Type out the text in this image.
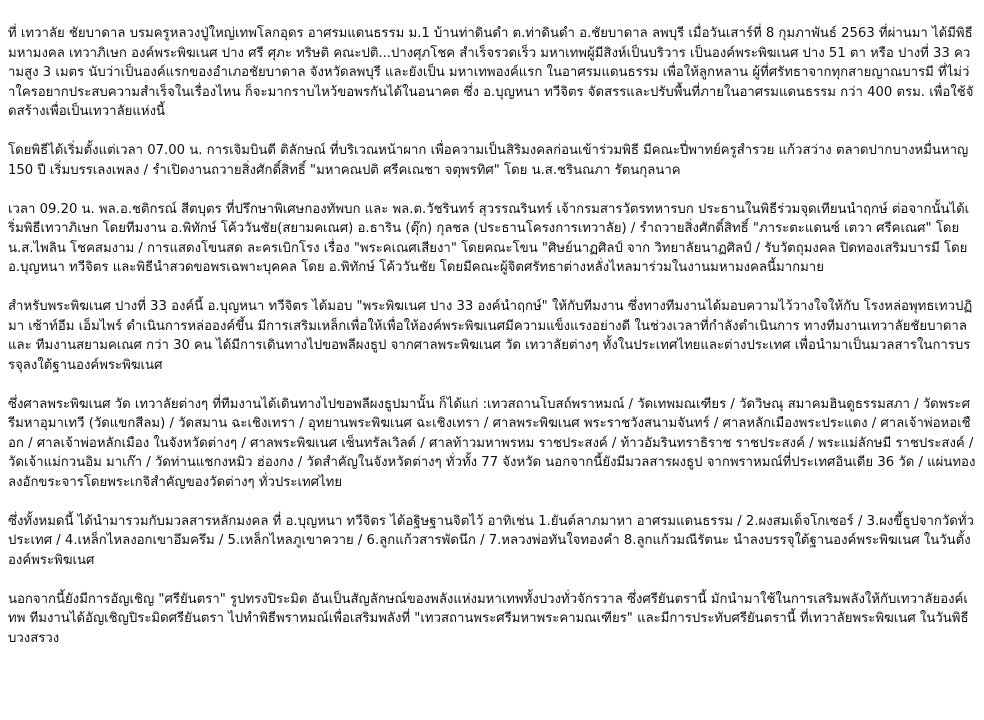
ที่ เทวาลัย ชัยบาดาล บรมครูหลวงปู่ใหญ่เทพโลกอุดร อาศรมแดนธรรม ม.1 บ้านท่าดินดำ ต.ท่าดินดำ อ.ชัยบาดาล ลพบุรี เมื่อวันเสาร์ที่ 8 กุมภาพันธ์ 2563 ที่ผ่านมา ได้มีพิธีมหามงคล เทวาภิเษก องค์พระพิฆเนศ ปาง ศรี ศุภะ ทริษติ คณะปติ...ปางศุภโชค สำเร็จรวดเร็ว มหาเทพผู้มีสิงห์เป็นบริวาร เป็นองค์พระพิฆเนศ ปาง 51 ตา หรือ ปางที่ 33 ความสูง 3 เมตร นับว่าเป็นองค์แรกของอำเภอชัยบาดาล จังหวัดลพบุรี และยังเป็น มหาเทพองค์แรก ในอาศรมแดนธรรม เพื่อให้ลูกหลาน ผู้ที่ศรัทธาจากทุกสายญาณบารมี ที่ไม่ว่าใครอยากประสบความสำเร็จในเรื่องไหน ก็จะมากราบไหว้ขอพรกันได้ในอนาคต ซึ่ง อ.บุญหนา ทวีจิตร จัดสรรและปรับพื้นที่ภายในอาศรมแดนธรรม กว่า 400 ตรม. เพื่อใช้จัดสร้างเพื่อเป็นเทวาลัยแห่งนี้

โดยพิธีได้เริ่มตั้งแต่เวลา 07.00 น. การเจิมบินดี ติลักษณ์ ที่บริเวณหน้าผาก เพื่อความเป็นสิริมงคลก่อนเข้าร่วมพิธี มีคณะปี่พาทย์ครูสำรวย แก้วสว่าง ตลาดปากบางหมื่นหาญ 150 ปี เริ่มบรรเลงเพลง / รำเปิดงานถวายสิ่งศักดิ์สิทธิ์ "มหาคณปติ ศรีคเณชา จตุพรทิศ" โดย น.ส.ชรินณภา รัตนกุลนาค

เวลา 09.20 น. พล.อ.ชติกรณ์ สีตบุตร ที่ปรึกษาพิเศษกองทัพบก และ พล.ต.วัชรินทร์ สุวรรณรินทร์ เจ้ากรมสารวัตรทหารบก ประธานในพิธีร่วมจุดเทียนนำฤกษ์ ต่อจากนั้นได้เริ่มพิธีเทวาภิเษก โดยทีมงาน อ.พิทักษ์ โค้ววันชัย(สยามคเณศ) อ.ธาริน (ตุ๊ก) กุลชล (ประธานโครงการเทวาลัย) / รำถวายสิ่งศักดิ์สิทธิ์ "ภาระตะแดนซ์ เตวา ศรีคเณศ" โดย น.ส.ไพลิน โชคสมงาม / การแสดงโขนสด ละครเบิกโรง เรื่อง "พระคเณศเสียงา" โดยคณะโขน "ศิษย์นาฏศิลป์ จาก วิทยาลัยนาฏศิลป์ / รับวัตถุมงคล ปิดทองเสริมบารมี โดย อ.บุญหนา ทวีจิตร และพิธีนำสวดขอพรเฉพาะบุคคล โดย อ.พิทักษ์ โค้ววันชัย โดยมีคณะผู้จิตศรัทธาต่างหลั่งไหลมาร่วมในงานมหามงคลนี้มากมาย

สำหรับพระพิฆเนศ ปางที่ 33 องค์นี้ อ.บุญหนา ทวีจิตร ได้มอบ "พระพิฆเนศ ปาง 33 องค์นำฤกษ์" ให้กับทีมงาน ซึ่งทางทีมงานได้มอบความไว้วางใจให้กับ โรงหล่อพุทธเทวปฏิมา เซ้าท์อีม เอ็มไพร์ ดำเนินการหล่อองค์ขึ้น มีการเสริมเหล็กเพื่อให้เพื่อให้องค์พระพิฆเนศมีความแข็งแรงอย่างดี ในช่วงเวลาที่กำลังดำเนินการ ทางทีมงานเทวาลัยชัยบาดาล และ ทีมงานสยามคเณศ กว่า 30 คน ได้มีการเดินทางไปขอพลีผงธูป จากศาลพระพิฆเนศ วัด เทวาลัยต่างๆ ทั้งในประเทศไทยและต่างประเทศ เพื่อนำมาเป็นมวลสารในการบรรจุลงใต้ฐานองค์พระพิฆเนศ

ซึ่งศาลพระพิฆเนศ วัด เทวาลัยต่างๆ ที่ทีมงานได้เดินทางไปขอพลีผงธูปมานั้น ก็ได้แก่ :เทวสถานโบสถ์พราหมณ์ / วัดเทพมณเฑียร / วัดวิษณุ สมาคมฮินดูธรรมสภา / วัดพระศรีมหาอุมาเทวี (วัดแขกสีลม) / วัดสมาน ฉะเชิงเทรา / อุทยานพระพิฆเนศ ฉะเชิงเทรา / ศาลพระพิฆเนศ พระราชวังสนามจันทร์ / ศาลหลักเมืองพระประแดง / ศาลเจ้าพ่อหอเชือก / ศาลเจ้าพ่อหลักเมือง ในจังหวัดต่างๆ / ศาลพระพิฆเนศ เซ็นทรัลเวิลด์ / ศาลท้าวมหาพรหม ราชประสงค์ / ท้าวอัมรินทราธิราช ราชประสงค์ / พระแม่ลักษมี ราชประสงค์ / วัดเจ้าแม่กวนอิม มาเก๊า / วัดท่านแชกงหมิว ฮ่องกง / วัดสำคัญในจังหวัดต่างๆ ทั่วทั้ง 77 จังหวัด นอกจากนี้ยังมีมวลสารผงธูป จากพราหมณ์ที่ประเทศอินเดีย 36 วัด / แผ่นทอง ลงอักขระจารโดยพระเกจิสำคัญของวัดต่างๆ ทั่วประเทศไทย

ซึ่งทั้งหมดนี้ ได้นำมารวมกับมวลสารหลักมงคล ที่ อ.บุญหนา ทวีจิตร ได้อฐิษฐานจิตไว้ อาทิเช่น 1.ยันต์ลาภมาหา อาศรมแดนธรรม / 2.ผงสมเด็จโกเซอร์ / 3.ผงขี้ธูปจากวัดทั่วประเทศ / 4.เหล็กไหลงอกเขาอึมครึม / 5.เหล็กไหลภูเขาควาย / 6.ลูกแก้วสารพัดนึก / 7.หลวงพ่อทันใจทองคำ 8.ลูกแก้วมณีรัตนะ นำลงบรรจุใต้ฐานองค์พระพิฆเนศ ในวันตั้งองค์พระพิฆเนศ

นอกจากนี้ยังมีการอัญเชิญ "ศรียันตรา" รูปทรงปิระมิด อันเป็นสัญลักษณ์ของพลังแห่งมหาเทพทั้งปวงทั่วจักรวาล ซึ่งศรียันตรานี้ มักนำมาใช้ในการเสริมพลังให้กับเทวาลัยองค์เทพ ทีมงานได้อัญเชิญปิระมิดศรียันตรา ไปทำพิธีพราหมณ์เพื่อเสริมพลังที่ "เทวสถานพระศรีมหาพระคามณเฑียร" และมีการประทับศรียันตรานี้ ที่เทวาลัยพระพิฆเนศ ในวันพิธีบวงสรวง
